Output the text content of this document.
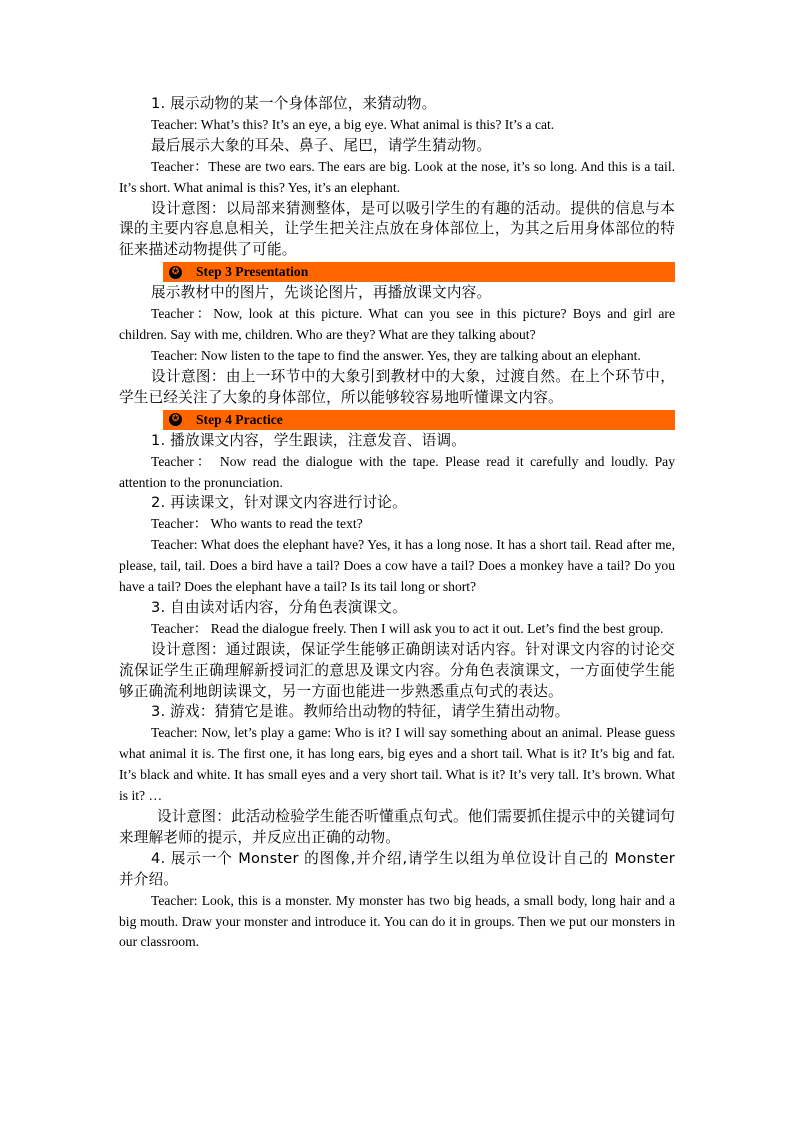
1. 展示动物的某一个身体部位，来猜动物。

Teacher: What’s this? It’s an eye, a big eye. What animal is this? It’s a cat.

最后展示大象的耳朵、鼻子、尾巴，请学生猜动物。

Teacher：These are two ears. The ears are big. Look at the nose, it’s so long. And this is a tail. It’s short. What animal is this? Yes, it’s an elephant.

设计意图：以局部来猜测整体，是可以吸引学生的有趣的活动。提供的信息与本课的主要内容息息相关，让学生把关注点放在身体部位上，为其之后用身体部位的特征来描述动物提供了可能。

✪ Step 3 Presentation

展示教材中的图片，先谈论图片，再播放课文内容。

Teacher：Now, look at this picture. What can you see in this picture? Boys and girl are children. Say with me, children. Who are they? What are they talking about?

Teacher: Now listen to the tape to find the answer. Yes, they are talking about an elephant.

设计意图：由上一环节中的大象引到教材中的大象，过渡自然。在上个环节中，学生已经关注了大象的身体部位，所以能够较容易地听懂课文内容。

✪ Step 4 Practice

1. 播放课文内容，学生跟读，注意发音、语调。

Teacher： Now read the dialogue with the tape. Please read it carefully and loudly. Pay attention to the pronunciation.

2. 再读课文，针对课文内容进行讨论。

Teacher： Who wants to read the text?

Teacher: What does the elephant have? Yes, it has a long nose. It has a short tail. Read after me, please, tail, tail. Does a bird have a tail? Does a cow have a tail? Does a monkey have a tail? Do you have a tail? Does the elephant have a tail? Is its tail long or short?

3. 自由读对话内容，分角色表演课文。

Teacher： Read the dialogue freely. Then I will ask you to act it out. Let’s find the best group.

设计意图：通过跟读，保证学生能够正确朗读对话内容。针对课文内容的讨论交流保证学生正确理解新授词汇的意思及课文内容。分角色表演课文，一方面使学生能够正确流利地朗读课文，另一方面也能进一步熟悉重点句式的表达。

3. 游戏：猜猜它是谁。教师给出动物的特征，请学生猜出动物。

Teacher: Now, let’s play a game: Who is it? I will say something about an animal. Please guess what animal it is. The first one, it has long ears, big eyes and a short tail. What is it? It’s big and fat. It’s black and white. It has small eyes and a very short tail. What is it? It’s very tall. It’s brown. What is it? …

设计意图：此活动检验学生能否听懂重点句式。他们需要抓住提示中的关键词句来理解老师的提示，并反应出正确的动物。

4. 展示一个 Monster 的图像,并介绍,请学生以组为单位设计自己的 Monster 并介绍。

Teacher: Look, this is a monster. My monster has two big heads, a small body, long hair and a big mouth. Draw your monster and introduce it. You can do it in groups. Then we put our monsters in our classroom.
